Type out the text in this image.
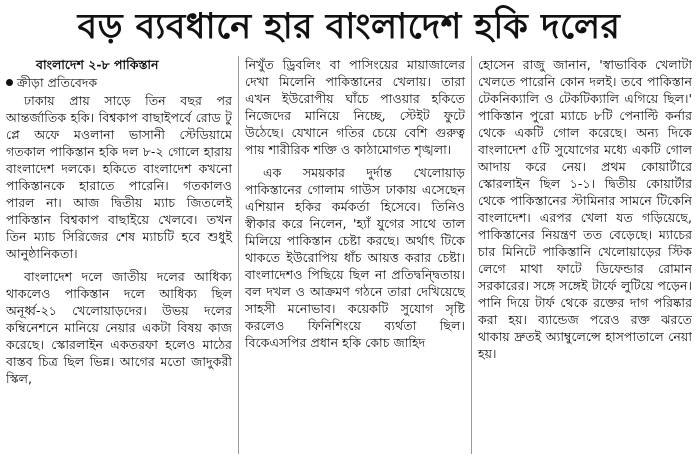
বড় ব্যবধানে হার বাংলাদেশ হকি দলের
বাংলাদেশ ২-৮ পাকিস্তান
ক্রীড়া প্রতিবেদক

ঢাকায় প্রায় সাড়ে তিন বছর পর আন্তর্জাতিক হকি। বিশ্বকাপ বাছাইপর্বে রোড টু প্লে অফে মওলানা ভাসানী স্টেডিয়ামে গতকাল পাকিস্তান হকি দল ৮-২ গোলে হারায় বাংলাদেশ দলকে। হকিতে বাংলাদেশ কখনো পাকিস্তানকে হারাতে পারেনি। গতকালও পারল না। আজ দ্বিতীয় ম্যাচ জিতলেই পাকিস্তান বিশ্বকাপ বাছাইয়ে খেলবে। তখন তিন ম্যাচ সিরিজের শেষ ম্যাচটি হবে শুধুই আনুষ্ঠানিকতা।

বাংলাদেশ দলে জাতীয় দলের আধিক্য থাকলেও পাকিস্তান দলে আধিক্য ছিল অনূর্ধ্ব-২১ খেলোয়াড়দের। উভয় দলের কম্বিনেশনে মানিয়ে নেয়ার একটা বিষয় কাজ করেছে। স্কোরলাইন একতরফা হলেও মাঠের বাস্তব চিত্র ছিল ভিন্ন। আগের মতো জাদুকরী স্কিল,

নিখুঁত ড্রিবলিং বা পাসিংয়ের মায়াজালের দেখা মিলেনি পাকিস্তানের খেলায়। তারা এখন ইউরোপীয় ঘাঁচে পাওয়ার হকিতে নিজেদের মানিয়ে নিচ্ছে, স্টেইট ফুটে উঠেছে। যেখানে গতির চেয়ে বেশি গুরুত্ব পায় শারীরিক শক্তি ও কাঠামোগত শৃঙ্খলা।

এক সময়কার দুর্দান্ত খেলোয়াড় পাকিস্তানের গোলাম গাউস ঢাকায় এসেছেন এশিয়ান হকির কর্মকর্তা হিসেবে। তিনিও স্বীকার করে নিলেন, 'হ্যাঁ যুগের সাথে তাল মিলিয়ে পাকিস্তান চেষ্টা করছে। অর্থাৎ টিকে থাকতে ইউরোপিয় ধাঁচ আয়ত্ত করার চেষ্টা। বাংলাদেশও পিছিয়ে ছিল না প্রতিদ্বন্দ্বিতায়। বল দখল ও আক্রমণ গঠনে তারা দেখিয়েছে সাহসী মনোভাব। কয়েকটি সুযোগ সৃষ্টি করলেও ফিনিশিংয়ে ব্যর্থতা ছিল। বিকেএসপির প্রধান হকি কোচ জাহিদ

হোসেন রাজু জানান, 'স্বাভাবিক খেলাটা খেলতে পারেনি কোন দলই। তবে পাকিস্তান টেকনিক্যালি ও টেকটিক্যালি এগিয়ে ছিল।' পাকিস্তান পুরো ম্যাচে ৮টি পেনাল্টি কর্নার থেকে একটি গোল করেছে। অন্য দিকে বাংলাদেশ ৫টি সুযোগের মধ্যে একটি গোল আদায় করে নেয়। প্রথম কোয়ার্টারে স্কোরলাইন ছিল ১-১। দ্বিতীয় কোয়ার্টার থেকে পাকিস্তানের স্টামিনার সামনে টিকেনি বাংলাদেশ। এরপর খেলা যত গড়িয়েছে, পাকিস্তানের নিয়ন্ত্রণ তত বেড়েছে। ম্যাচের চার মিনিটে পাকিস্তানি খেলোয়াড়ের স্টিক লেগে মাথা ফাটে ডিফেন্ডার রোমান সরকারের। সঙ্গে সঙ্গেই টার্ফে লুটিয়ে পড়েন। পানি দিয়ে টার্ফ থেকে রক্তের দাগ পরিষ্কার করা হয়। ব্যান্ডেজ পরেও রক্ত ঝরতে থাকায় দ্রুতই অ্যাম্বুলেন্সে হাসপাতালে নেয়া হয়।
